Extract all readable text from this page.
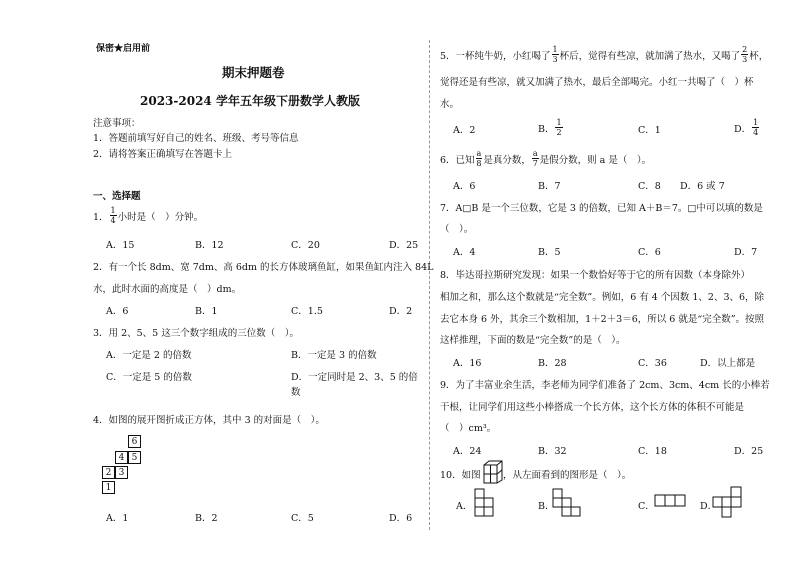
保密★启用前
期末押题卷
2023-2024 学年五年级下册数学人教版
注意事项：
1．答题前填写好自己的姓名、班级、考号等信息
2．请将答案正确填写在答题卡上
一、选择题
1． $\frac{1}{4}$ 小时是（　）分钟。
A．15	B．12	C．20	D．25
2．有一个长 8dm、宽 7dm、高 6dm 的长方体玻璃鱼缸，如果鱼缸内注入 84L
水，此时水面的高度是（　）dm。
A．6	B．1	C．1.5	D．2
3．用 2、5、5 这三个数字组成的三位数（　）。
A．一定是 2 的倍数	B．一定是 3 的倍数
C．一定是 5 的倍数	D．一定同时是 2、3、5 的倍
数
4．如图的展开图折成正方体，其中 3 的对面是（　）。
6
4 5
2 3
1
A．1	B．2	C．5	D．6
5．一杯纯牛奶，小红喝了 $\frac{1}{3}$ 杯后，觉得有些凉，就加满了热水，又喝了 $\frac{2}{3}$ 杯，
觉得还是有些凉，就又加满了热水，最后全部喝完。小红一共喝了（　）杯
水。
A．2	B． $\frac{1}{2}$	C．1	D． $\frac{1}{4}$
6．已知 $\frac{a}{8}$ 是真分数， $\frac{a}{7}$ 是假分数，则 a 是（　）。
A．6	B．7	C．8 D．6 或 7
7．A□B 是一个三位数，它是 3 的倍数，已知 A＋B＝7。□中可以填的数是
（　）。
A．4	B．5	C．6	D．7
8．毕达哥拉斯研究发现：如果一个数恰好等于它的所有因数（本身除外）
相加之和，那么这个数就是“完全数”。例如，6 有 4 个因数 1、2、3、6，除
去它本身 6 外，其余三个数相加，1＋2＋3＝6，所以 6 就是“完全数”。按照
这样推理，下面的数是“完全数”的是（　）。
A．16	B．28	C．36	D．以上都是
9．为了丰富业余生活，李老师为同学们准备了 2cm、3cm、4cm 长的小棒若
干根，让同学们用这些小棒搭成一个长方体，这个长方体的体积不可能是
（　）cm³。
A．24	B．32	C．18	D．25
10．如图 ，从左面看到的图形是（　）。
A．	B．	C．	D．
